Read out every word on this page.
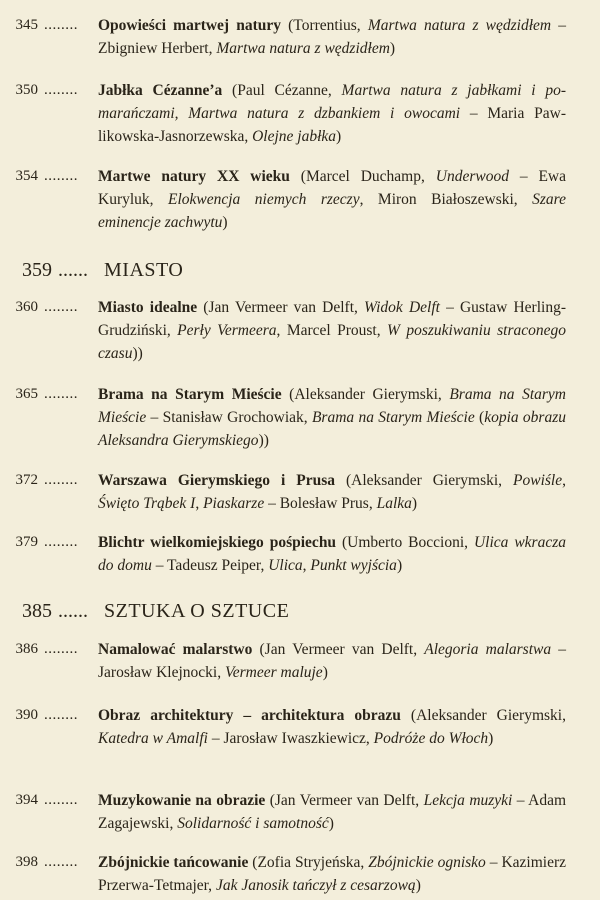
345 ........	Opowieści martwej natury (Torrentius, Martwa natura z wędzidłem – Zbigniew Herbert, Martwa natura z wędzidłem)
350 ........	Jabłka Cézanne’a (Paul Cézanne, Martwa natura z jabłkami i pomarańczami, Martwa natura z dzbankiem i owocami – Maria Pawlikowska-Jasnorzewska, Olejne jabłka)
354 ........	Martwe natury XX wieku (Marcel Duchamp, Underwood – Ewa Kuryluk, Elokwencja niemych rzeczy, Miron Białoszewski, Szare eminencje zachwytu)
359 ...... MIASTO
360 ........	Miasto idealne (Jan Vermeer van Delft, Widok Delft – Gustaw Herling-Grudziński, Perły Vermeera, Marcel Proust, W poszukiwaniu straconego czasu))
365 ........	Brama na Starym Mieście (Aleksander Gierymski, Brama na Starym Mieście – Stanisław Grochowiak, Brama na Starym Mieście (kopia obrazu Aleksandra Gierymskiego))
372 ........	Warszawa Gierymskiego i Prusa (Aleksander Gierymski, Powiśle, Święto Trąbek I, Piaskarze – Bolesław Prus, Lalka)
379 ........	Blichtr wielkomiejskiego pośpiechu (Umberto Boccioni, Ulica wkracza do domu – Tadeusz Peiper, Ulica, Punkt wyjścia)
385 ...... SZTUKA O SZTUCE
386 ........	Namalować malarstwo (Jan Vermeer van Delft, Alegoria malarstwa – Jarosław Klejnocki, Vermeer maluje)
390 ........	Obraz architektury – architektura obrazu (Aleksander Gierymski, Katedra w Amalfi – Jarosław Iwaszkiewicz, Podróże do Włoch)
394 ........	Muzykowanie na obrazie (Jan Vermeer van Delft, Lekcja muzyki – Adam Zagajewski, Solidarność i samotność)
398 ........	Zbójnickie tańcowanie (Zofia Stryjeńska, Zbójnickie ognisko – Kazimierz Przerwa-Tetmajer, Jak Janosik tańczył z cesarzową)
